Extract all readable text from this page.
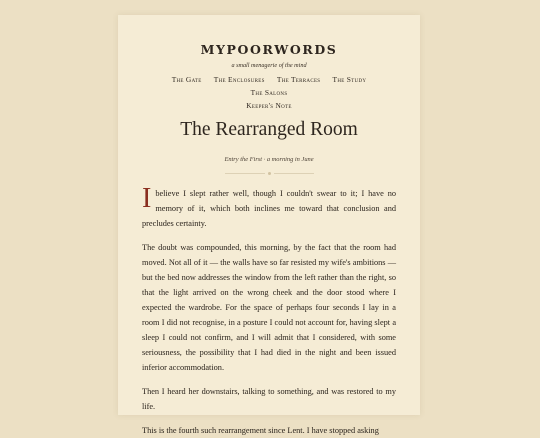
MYPOORWORDS
a small menagerie of the mind
The Gate The Enclosures The Terraces The Study The Salons
Keeper's Note
The Rearranged Room
Entry the First · a morning in June

Ibelieve I slept rather well, though I couldn't swear to it; I have no memory of it, which both inclines me toward that conclusion and precludes certainty.

The doubt was compounded, this morning, by the fact that the room had moved. Not all of it — the walls have so far resisted my wife's ambitions — but the bed now addresses the window from the left rather than the right, so that the light arrived on the wrong cheek and the door stood where I expected the wardrobe. For the space of perhaps four seconds I lay in a room I did not recognise, in a posture I could not account for, having slept a sleep I could not confirm, and I will admit that I considered, with some seriousness, the possibility that I had died in the night and been issued inferior accommodation.

Then I heard her downstairs, talking to something, and was restored to my life.

This is the fourth such rearrangement since Lent. I have stopped asking
